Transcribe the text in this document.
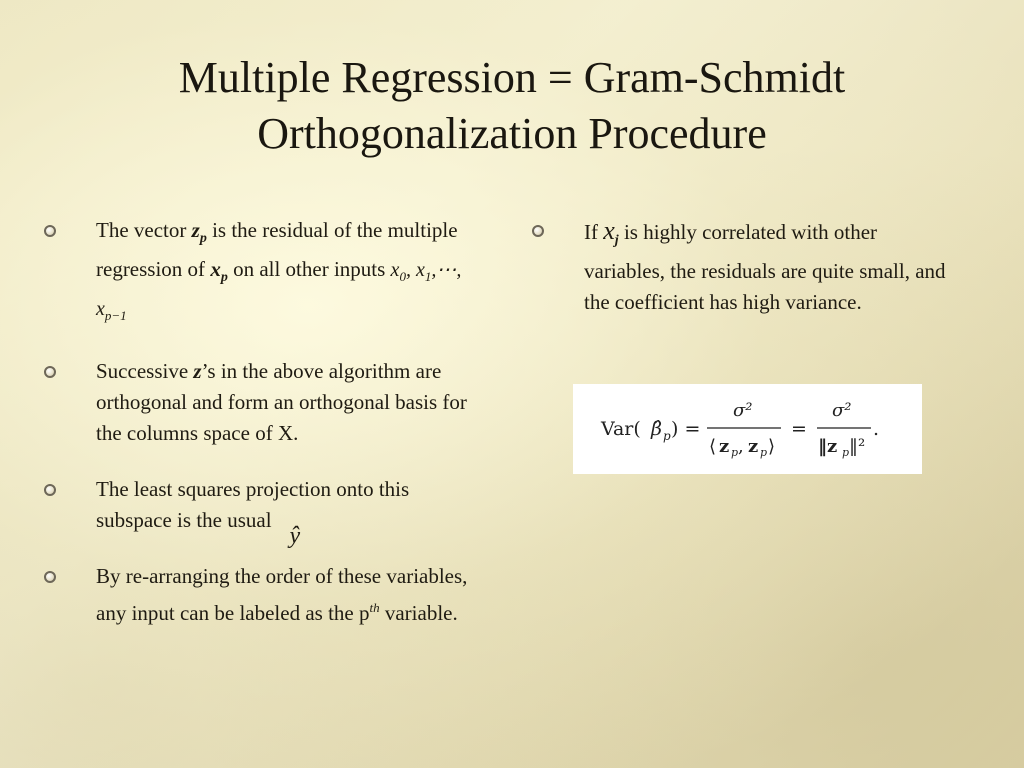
Multiple Regression = Gram-Schmidt
Orthogonalization Procedure
The vector $z_p$ is the residual of the multiple regression of $x_p$ on all other inputs $x_0$, $x_1,\cdots$, $x_{p-1}$
Successive z’s in the above algorithm are orthogonal and form an orthogonal basis for the columns space of X.
The least squares projection onto this subspace is the usualŷ
By re-arranging the order of these variables, any input can be labeled as the $p^{th}$ variable.
If $x_j$ is highly correlated with other variables, the residuals are quite small, and the coefficient has high variance.
Var( β̂ p ) =
σ²
⟨ z p , z p ⟩
=
σ²
‖z p ‖²
.
